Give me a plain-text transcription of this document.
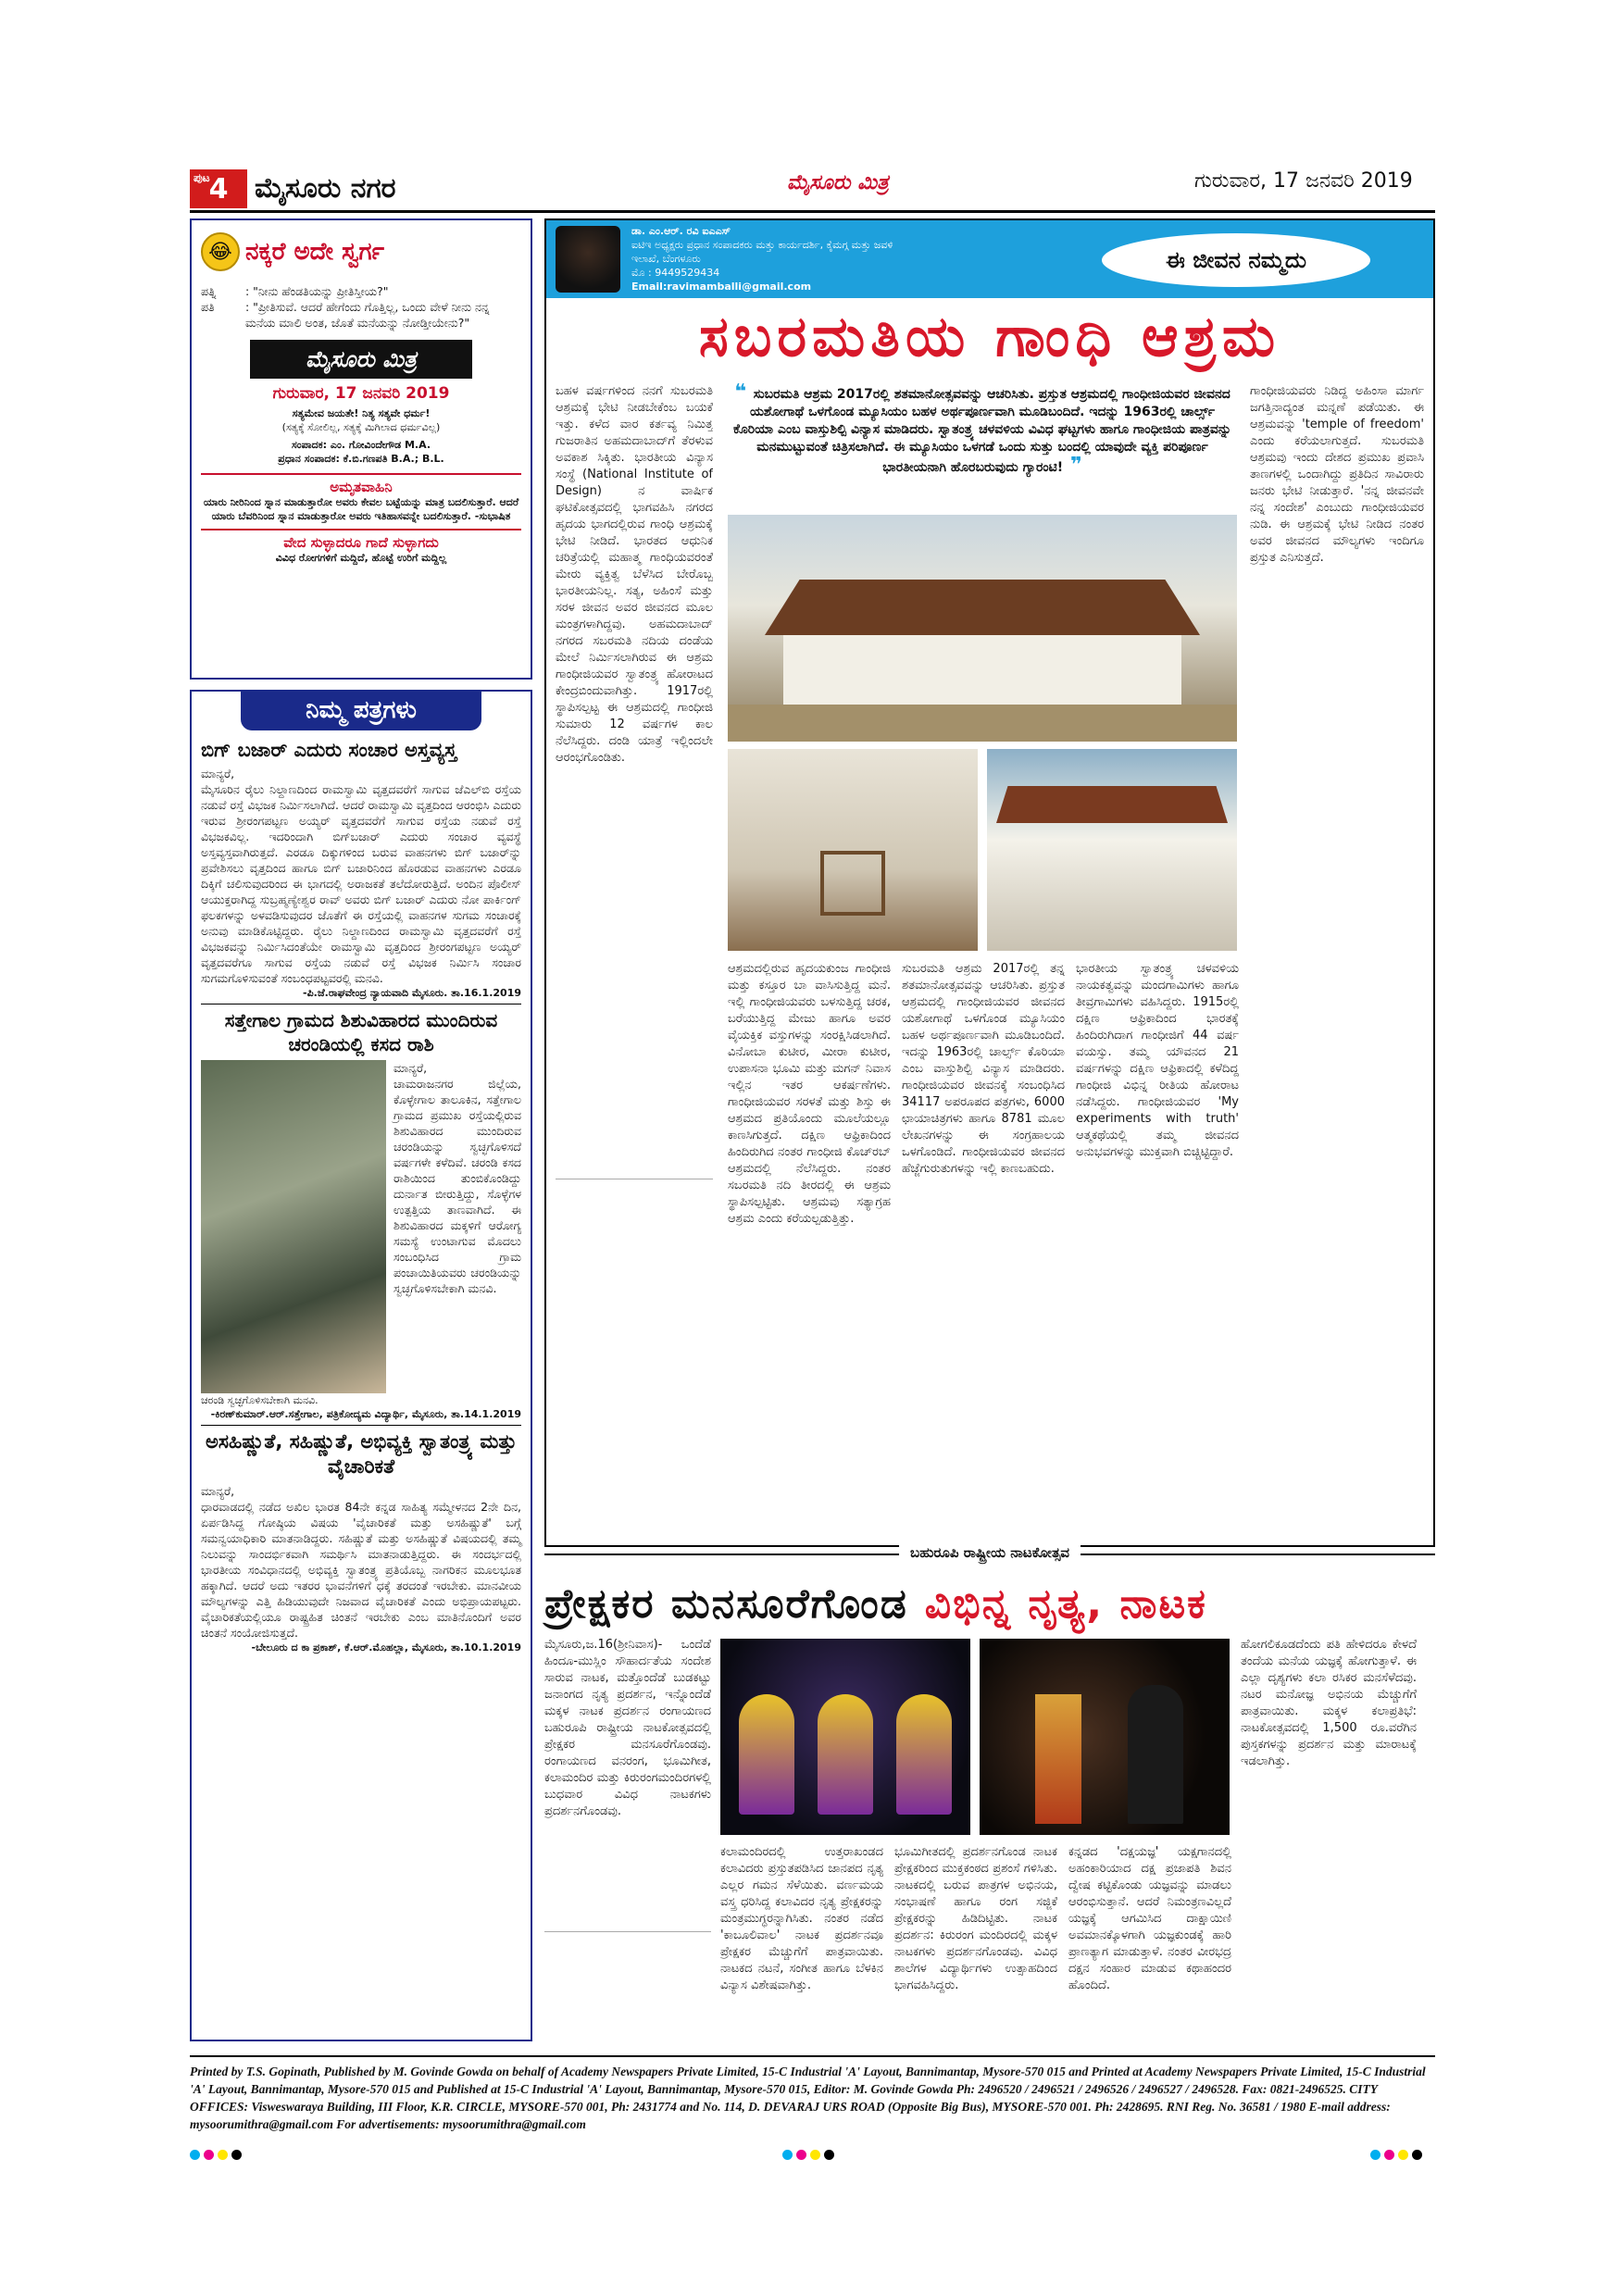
ಪುಟ
4 ಮೈಸೂರು ನಗರ	ಮೈಸೂರು ಮಿತ್ರ	ಗುರುವಾರ, 17 ಜನವರಿ 2019
😂 ನಕ್ಕರೆ ಅದೇ ಸ್ವರ್ಗ
ಪತ್ನಿ	: "ನೀನು ಹೆಂಡತಿಯನ್ನು ಪ್ರೀತಿಸ್ತೀಯ?"
ಪತಿ	: "ಪ್ರೀತಿಸುವೆ. ಆದರೆ ಹೇಗೆಂದು ಗೊತ್ತಿಲ್ಲ, ಒಂದು ವೇಳೆ ನೀನು ನನ್ನ ಮನೆಯ ಮಾಲಿ ಅಂತ, ಜೊತೆ ಮನೆಯನ್ನು ನೋಡ್ತೀಯೇನು?"
ಮೈಸೂರು ಮಿತ್ರ
ಗುರುವಾರ, 17 ಜನವರಿ 2019
ಸತ್ಯಮೇವ ಜಯತೇ! ನಿತ್ಯ ಸತ್ಯವೇ ಧರ್ಮ!
(ಸತ್ಯಕ್ಕೆ ಸೋಲಿಲ್ಲ, ಸತ್ಯಕ್ಕೆ ಮಿಗಿಲಾದ ಧರ್ಮವಿಲ್ಲ)
ಸಂಪಾದಕ: ಎಂ. ಗೋವಿಂದೇಗೌಡ M.A.
ಪ್ರಧಾನ ಸಂಪಾದಕ: ಕೆ.ಬಿ.ಗಣಪತಿ B.A.; B.L.
ಅಮೃತವಾಹಿನಿ
ಯಾರು ನೀರಿನಿಂದ ಸ್ನಾನ ಮಾಡುತ್ತಾರೋ ಅವರು ಕೇವಲ ಬಟ್ಟೆಯನ್ನು ಮಾತ್ರ ಬದಲಿಸುತ್ತಾರೆ. ಆದರೆ ಯಾರು ಬೆವರಿನಿಂದ ಸ್ನಾನ ಮಾಡುತ್ತಾರೋ ಅವರು ಇತಿಹಾಸವನ್ನೇ ಬದಲಿಸುತ್ತಾರೆ. -ಸುಭಾಷಿತ
ವೇದ ಸುಳ್ಳಾದರೂ ಗಾದೆ ಸುಳ್ಳಾಗದು
ವಿವಿಧ ರೋಗಗಳಿಗೆ ಮದ್ದಿದೆ, ಹೊಟ್ಟೆ ಉರಿಗೆ ಮದ್ದಿಲ್ಲ
ನಿಮ್ಮ ಪತ್ರಗಳು
ಬಿಗ್ ಬಜಾರ್ ಎದುರು ಸಂಚಾರ ಅಸ್ತವ್ಯಸ್ತ
ಮಾನ್ಯರೆ,
ಮೈಸೂರಿನ ರೈಲು ನಿಲ್ದಾಣದಿಂದ ರಾಮಸ್ವಾಮಿ ವೃತ್ತದವರೆಗೆ ಸಾಗುವ ಜೆಎಲ್‌ಬಿ ರಸ್ತೆಯ ನಡುವೆ ರಸ್ತೆ ವಿಭಜಕ ನಿರ್ಮಿಸಲಾಗಿದೆ. ಆದರೆ ರಾಮಸ್ವಾಮಿ ವೃತ್ತದಿಂದ ಆರಂಭಿಸಿ ಎದುರು ಇರುವ ಶ್ರೀರಂಗಪಟ್ಟಣ ಅಯ್ಯರ್ ವೃತ್ತದವರೆಗೆ ಸಾಗುವ ರಸ್ತೆಯ ನಡುವೆ ರಸ್ತೆ ವಿಭಜಕವಿಲ್ಲ. ಇದರಿಂದಾಗಿ ಬಿಗ್‌ಬಜಾರ್ ಎದುರು ಸಂಚಾರ ವ್ಯವಸ್ಥೆ ಅಸ್ತವ್ಯಸ್ತವಾಗಿರುತ್ತದೆ. ಎರಡೂ ದಿಕ್ಕುಗಳಿಂದ ಬರುವ ವಾಹನಗಳು ಬಿಗ್ ಬಜಾರ್‌ನ್ನು ಪ್ರವೇಶಿಸಲು ವೃತ್ತದಿಂದ ಹಾಗೂ ಬಿಗ್ ಬಜಾರಿನಿಂದ ಹೊರಡುವ ವಾಹನಗಳು ಎರಡೂ ದಿಕ್ಕಿಗೆ ಚಲಿಸುವುದರಿಂದ ಈ ಭಾಗದಲ್ಲಿ ಅರಾಜಕತೆ ತಲೆದೋರುತ್ತಿದೆ. ಅಂದಿನ ಪೊಲೀಸ್ ಆಯುಕ್ತರಾಗಿದ್ದ ಸುಬ್ರಹ್ಮಣ್ಯೇಶ್ವರ ರಾವ್ ಅವರು ಬಿಗ್ ಬಜಾರ್ ಎದುರು ನೋ ಪಾರ್ಕಿಂಗ್ ಫಲಕಗಳನ್ನು ಅಳವಡಿಸುವುದರ ಜೊತೆಗೆ ಈ ರಸ್ತೆಯಲ್ಲಿ ವಾಹನಗಳ ಸುಗಮ ಸಂಚಾರಕ್ಕೆ ಅನುವು ಮಾಡಿಕೊಟ್ಟಿದ್ದರು. ರೈಲು ನಿಲ್ದಾಣದಿಂದ ರಾಮಸ್ವಾಮಿ ವೃತ್ತದವರೆಗೆ ರಸ್ತೆ ವಿಭಜಕವನ್ನು ನಿರ್ಮಿಸಿದಂತೆಯೇ ರಾಮಸ್ವಾಮಿ ವೃತ್ತದಿಂದ ಶ್ರೀರಂಗಪಟ್ಟಣ ಅಯ್ಯರ್ ವೃತ್ತದವರೆಗೂ ಸಾಗುವ ರಸ್ತೆಯ ನಡುವೆ ರಸ್ತೆ ವಿಭಜಕ ನಿರ್ಮಿಸಿ ಸಂಚಾರ ಸುಗಮಗೊಳಿಸುವಂತೆ ಸಂಬಂಧಪಟ್ಟವರಲ್ಲಿ ಮನವಿ.
-ಪಿ.ಜೆ.ರಾಘವೇಂದ್ರ ನ್ಯಾಯವಾದಿ ಮೈಸೂರು. ತಾ.16.1.2019
ಸತ್ತೇಗಾಲ ಗ್ರಾಮದ ಶಿಶುವಿಹಾರದ ಮುಂದಿರುವ ಚರಂಡಿಯಲ್ಲಿ ಕಸದ ರಾಶಿ
ಮಾನ್ಯರೆ,
ಚಾಮರಾಜನಗರ ಜಿಲ್ಲೆಯ, ಕೊಳ್ಳೇಗಾಲ ತಾಲೂಕಿನ, ಸತ್ತೇಗಾಲ ಗ್ರಾಮದ ಪ್ರಮುಖ ರಸ್ತೆಯಲ್ಲಿರುವ ಶಿಶುವಿಹಾರದ ಮುಂದಿರುವ ಚರಂಡಿಯನ್ನು ಸ್ವಚ್ಛಗೊಳಿಸದೆ ವರ್ಷಗಳೇ ಕಳೆದಿವೆ. ಚರಂಡಿ ಕಸದ ರಾಶಿಯಿಂದ ತುಂಬಿಕೊಂಡಿದ್ದು ದುರ್ನಾತ ಬೀರುತ್ತಿದ್ದು, ಸೊಳ್ಳೆಗಳ ಉತ್ಪತ್ತಿಯ ತಾಣವಾಗಿದೆ. ಈ ಶಿಶುವಿಹಾರದ ಮಕ್ಕಳಿಗೆ ಆರೋಗ್ಯ ಸಮಸ್ಯೆ ಉಂಟಾಗುವ ಮೊದಲು ಸಂಬಂಧಿಸಿದ ಗ್ರಾಮ ಪಂಚಾಯಿತಿಯವರು ಚರಂಡಿಯನ್ನು ಸ್ವಚ್ಛಗೊಳಿಸಬೇಕಾಗಿ ಮನವಿ.
ಚರಂಡಿ ಸ್ವಚ್ಛಗೊಳಿಸಬೇಕಾಗಿ ಮನವಿ.
-ಕಿರಣ್‌ಕುಮಾರ್.ಆರ್.ಸತ್ತೇಗಾಲ, ಪತ್ರಿಕೋದ್ಯಮ ವಿದ್ಯಾರ್ಥಿ, ಮೈಸೂರು, ತಾ.14.1.2019
ಅಸಹಿಷ್ಣುತೆ, ಸಹಿಷ್ಣುತೆ, ಅಭಿವ್ಯಕ್ತಿ ಸ್ವಾತಂತ್ರ್ಯ ಮತ್ತು ವೈಚಾರಿಕತೆ
ಮಾನ್ಯರೆ,
ಧಾರವಾಡದಲ್ಲಿ ನಡೆದ ಅಖಿಲ ಭಾರತ 84ನೇ ಕನ್ನಡ ಸಾಹಿತ್ಯ ಸಮ್ಮೇಳನದ 2ನೇ ದಿನ, ಏರ್ಪಡಿಸಿದ್ದ ಗೋಷ್ಠಿಯ ವಿಷಯ 'ವೈಚಾರಿಕತೆ ಮತ್ತು ಅಸಹಿಷ್ಣುತೆ' ಬಗ್ಗೆ ಸಮನ್ವಯಾಧಿಕಾರಿ ಮಾತನಾಡಿದ್ದರು. ಸಹಿಷ್ಣುತೆ ಮತ್ತು ಅಸಹಿಷ್ಣುತೆ ವಿಷಯದಲ್ಲಿ ತಮ್ಮ ನಿಲುವನ್ನು ಸಾಂದರ್ಭಿಕವಾಗಿ ಸಮರ್ಥಿಸಿ ಮಾತನಾಡುತ್ತಿದ್ದರು. ಈ ಸಂದರ್ಭದಲ್ಲಿ ಭಾರತೀಯ ಸಂವಿಧಾನದಲ್ಲಿ ಅಭಿವ್ಯಕ್ತಿ ಸ್ವಾತಂತ್ರ್ಯ ಪ್ರತಿಯೊಬ್ಬ ನಾಗರಿಕನ ಮೂಲಭೂತ ಹಕ್ಕಾಗಿದೆ. ಆದರೆ ಅದು ಇತರರ ಭಾವನೆಗಳಿಗೆ ಧಕ್ಕೆ ತರದಂತೆ ಇರಬೇಕು. ಮಾನವೀಯ ಮೌಲ್ಯಗಳನ್ನು ಎತ್ತಿ ಹಿಡಿಯುವುದೇ ನಿಜವಾದ ವೈಚಾರಿಕತೆ ಎಂದು ಅಭಿಪ್ರಾಯಪಟ್ಟರು. ವೈಚಾರಿಕತೆಯಲ್ಲಿಯೂ ರಾಷ್ಟ್ರಹಿತ ಚಿಂತನೆ ಇರಬೇಕು ಎಂಬ ಮಾತಿನೊಂದಿಗೆ ಅವರ ಚಿಂತನೆ ಸಂಯೋಜಿಸುತ್ತದೆ.
-ಬೇಲೂರು ದ ಕಾ ಪ್ರಕಾಶ್, ಕೆ.ಆರ್.ಮೊಹಲ್ಲಾ, ಮೈಸೂರು, ತಾ.10.1.2019
ಡಾ. ಎಂ.ಆರ್. ರವಿ ಐಎಎಸ್
ಐಟಿಇ ಅಧ್ಯಕ್ಷರು ಪ್ರಧಾನ ಸಂಪಾದಕರು ಮತ್ತು ಕಾರ್ಯದರ್ಶಿ, ಕೈಮಗ್ಗ ಮತ್ತು ಜವಳಿ ಇಲಾಖೆ, ಬೆಂಗಳೂರು
ಮೊ : 9449529434
Email:ravimamballi@gmail.com
ಈ ಜೀವನ ನಮ್ಮದು
ಸಬರಮತಿಯ ಗಾಂಧಿ ಆಶ್ರಮ
ಬಹಳ ವರ್ಷಗಳಿಂದ ನನಗೆ ಸುಬರಮತಿ ಆಶ್ರಮಕ್ಕೆ ಭೇಟಿ ನೀಡಬೇಕೆಂಬ ಬಯಕೆ ಇತ್ತು. ಕಳೆದ ವಾರ ಕರ್ತವ್ಯ ನಿಮಿತ್ತ ಗುಜರಾತಿನ ಅಹಮದಾಬಾದ್‌ಗೆ ತೆರಳುವ ಅವಕಾಶ ಸಿಕ್ಕಿತು. ಭಾರತೀಯ ವಿನ್ಯಾಸ ಸಂಸ್ಥೆ (National Institute of Design) ನ ವಾರ್ಷಿಕ ಘಟಿಕೋತ್ಸವದಲ್ಲಿ ಭಾಗವಹಿಸಿ ನಗರದ ಹೃದಯ ಭಾಗದಲ್ಲಿರುವ ಗಾಂಧಿ ಆಶ್ರಮಕ್ಕೆ ಭೇಟಿ ನೀಡಿದೆ. ಭಾರತದ ಆಧುನಿಕ ಚರಿತ್ರೆಯಲ್ಲಿ ಮಹಾತ್ಮ ಗಾಂಧಿಯವರಂತೆ ಮೇರು ವ್ಯಕ್ತಿತ್ವ ಬೆಳೆಸಿದ ಬೇರೊಬ್ಬ ಭಾರತೀಯನಿಲ್ಲ. ಸತ್ಯ, ಅಹಿಂಸೆ ಮತ್ತು ಸರಳ ಜೀವನ ಅವರ ಜೀವನದ ಮೂಲ ಮಂತ್ರಗಳಾಗಿದ್ದವು. ಅಹಮದಾಬಾದ್ ನಗರದ ಸಬರಮತಿ ನದಿಯ ದಂಡೆಯ ಮೇಲೆ ನಿರ್ಮಿಸಲಾಗಿರುವ ಈ ಆಶ್ರಮ ಗಾಂಧೀಜಿಯವರ ಸ್ವಾತಂತ್ರ್ಯ ಹೋರಾಟದ ಕೇಂದ್ರಬಿಂದುವಾಗಿತ್ತು. 1917ರಲ್ಲಿ ಸ್ಥಾಪಿಸಲ್ಪಟ್ಟ ಈ ಆಶ್ರಮದಲ್ಲಿ ಗಾಂಧೀಜಿ ಸುಮಾರು 12 ವರ್ಷಗಳ ಕಾಲ ನೆಲೆಸಿದ್ದರು. ದಂಡಿ ಯಾತ್ರೆ ಇಲ್ಲಿಂದಲೇ ಆರಂಭಗೊಂಡಿತು.
❝ ಸುಬರಮತಿ ಆಶ್ರಮ 2017ರಲ್ಲಿ ಶತಮಾನೋತ್ಸವವನ್ನು ಆಚರಿಸಿತು. ಪ್ರಸ್ತುತ ಆಶ್ರಮದಲ್ಲಿ ಗಾಂಧೀಜಿಯವರ ಜೀವನದ ಯಶೋಗಾಥೆ ಒಳಗೊಂಡ ಮ್ಯೂಸಿಯಂ ಬಹಳ ಅರ್ಥಪೂರ್ಣವಾಗಿ ಮೂಡಿಬಂದಿದೆ. ಇದನ್ನು 1963ರಲ್ಲಿ ಚಾರ್ಲ್ಸ್ ಕೊರಿಯಾ ಎಂಬ ವಾಸ್ತುಶಿಲ್ಪಿ ವಿನ್ಯಾಸ ಮಾಡಿದರು. ಸ್ವಾತಂತ್ರ್ಯ ಚಳವಳಿಯ ವಿವಿಧ ಘಟ್ಟಗಳು ಹಾಗೂ ಗಾಂಧೀಜಿಯ ಪಾತ್ರವನ್ನು ಮನಮುಟ್ಟುವಂತೆ ಚಿತ್ರಿಸಲಾಗಿದೆ. ಈ ಮ್ಯೂಸಿಯಂ ಒಳಗಡೆ ಒಂದು ಸುತ್ತು ಬಂದಲ್ಲಿ ಯಾವುದೇ ವ್ಯಕ್ತಿ ಪರಿಪೂರ್ಣ ಭಾರತೀಯನಾಗಿ ಹೊರಬರುವುದು ಗ್ಯಾರಂಟಿ! ❞
ಗಾಂಧೀಜಿಯವರು ನಿಡಿದ್ದ ಅಹಿಂಸಾ ಮಾರ್ಗ ಜಗತ್ತಿನಾದ್ಯಂತ ಮನ್ನಣೆ ಪಡೆಯಿತು. ಈ ಆಶ್ರಮವನ್ನು 'temple of freedom' ಎಂದು ಕರೆಯಲಾಗುತ್ತದೆ. ಸುಬರಮತಿ ಆಶ್ರಮವು ಇಂದು ದೇಶದ ಪ್ರಮುಖ ಪ್ರವಾಸಿ ತಾಣಗಳಲ್ಲಿ ಒಂದಾಗಿದ್ದು ಪ್ರತಿದಿನ ಸಾವಿರಾರು ಜನರು ಭೇಟಿ ನೀಡುತ್ತಾರೆ. 'ನನ್ನ ಜೀವನವೇ ನನ್ನ ಸಂದೇಶ' ಎಂಬುದು ಗಾಂಧೀಜಿಯವರ ನುಡಿ. ಈ ಆಶ್ರಮಕ್ಕೆ ಭೇಟಿ ನೀಡಿದ ನಂತರ ಅವರ ಜೀವನದ ಮೌಲ್ಯಗಳು ಇಂದಿಗೂ ಪ್ರಸ್ತುತ ಎನಿಸುತ್ತದೆ.
ಆಶ್ರಮದಲ್ಲಿರುವ ಹೃದಯಕುಂಜ ಗಾಂಧೀಜಿ ಮತ್ತು ಕಸ್ತೂರ ಬಾ ವಾಸಿಸುತ್ತಿದ್ದ ಮನೆ. ಇಲ್ಲಿ ಗಾಂಧೀಜಿಯವರು ಬಳಸುತ್ತಿದ್ದ ಚರಕ, ಬರೆಯುತ್ತಿದ್ದ ಮೇಜು ಹಾಗೂ ಅವರ ವೈಯಕ್ತಿಕ ವಸ್ತುಗಳನ್ನು ಸಂರಕ್ಷಿಸಿಡಲಾಗಿದೆ. ವಿನೋಬಾ ಕುಟೀರ, ಮೀರಾ ಕುಟೀರ, ಉಪಾಸನಾ ಭೂಮಿ ಮತ್ತು ಮಗನ್ ನಿವಾಸ ಇಲ್ಲಿನ ಇತರ ಆಕರ್ಷಣೆಗಳು. ಗಾಂಧೀಜಿಯವರ ಸರಳತೆ ಮತ್ತು ಶಿಸ್ತು ಈ ಆಶ್ರಮದ ಪ್ರತಿಯೊಂದು ಮೂಲೆಯಲ್ಲೂ ಕಾಣಸಿಗುತ್ತದೆ. ದಕ್ಷಿಣ ಆಫ್ರಿಕಾದಿಂದ ಹಿಂದಿರುಗಿದ ನಂತರ ಗಾಂಧೀಜಿ ಕೊಚ್‌ರಬ್ ಆಶ್ರಮದಲ್ಲಿ ನೆಲೆಸಿದ್ದರು. ನಂತರ ಸಬರಮತಿ ನದಿ ತೀರದಲ್ಲಿ ಈ ಆಶ್ರಮ ಸ್ಥಾಪಿಸಲ್ಪಟ್ಟಿತು. ಆಶ್ರಮವು ಸತ್ಯಾಗ್ರಹ ಆಶ್ರಮ ಎಂದು ಕರೆಯಲ್ಪಡುತ್ತಿತ್ತು.
ಸುಬರಮತಿ ಆಶ್ರಮ 2017ರಲ್ಲಿ ತನ್ನ ಶತಮಾನೋತ್ಸವವನ್ನು ಆಚರಿಸಿತು. ಪ್ರಸ್ತುತ ಆಶ್ರಮದಲ್ಲಿ ಗಾಂಧೀಜಿಯವರ ಜೀವನದ ಯಶೋಗಾಥೆ ಒಳಗೊಂಡ ಮ್ಯೂಸಿಯಂ ಬಹಳ ಅರ್ಥಪೂರ್ಣವಾಗಿ ಮೂಡಿಬಂದಿದೆ. ಇದನ್ನು 1963ರಲ್ಲಿ ಚಾರ್ಲ್ಸ್ ಕೊರಿಯಾ ಎಂಬ ವಾಸ್ತುಶಿಲ್ಪಿ ವಿನ್ಯಾಸ ಮಾಡಿದರು. ಗಾಂಧೀಜಿಯವರ ಜೀವನಕ್ಕೆ ಸಂಬಂಧಿಸಿದ 34117 ಅಪರೂಪದ ಪತ್ರಗಳು, 6000 ಛಾಯಾಚಿತ್ರಗಳು ಹಾಗೂ 8781 ಮೂಲ ಲೇಖನಗಳನ್ನು ಈ ಸಂಗ್ರಹಾಲಯ ಒಳಗೊಂಡಿದೆ. ಗಾಂಧೀಜಿಯವರ ಜೀವನದ ಹೆಜ್ಜೆಗುರುತುಗಳನ್ನು ಇಲ್ಲಿ ಕಾಣಬಹುದು.
ಭಾರತೀಯ ಸ್ವಾತಂತ್ರ್ಯ ಚಳವಳಿಯ ನಾಯಕತ್ವವನ್ನು ಮಂದಗಾಮಿಗಳು ಹಾಗೂ ತೀವ್ರಗಾಮಿಗಳು ವಹಿಸಿದ್ದರು. 1915ರಲ್ಲಿ ದಕ್ಷಿಣ ಆಫ್ರಿಕಾದಿಂದ ಭಾರತಕ್ಕೆ ಹಿಂದಿರುಗಿದಾಗ ಗಾಂಧೀಜಿಗೆ 44 ವರ್ಷ ವಯಸ್ಸು. ತಮ್ಮ ಯೌವನದ 21 ವರ್ಷಗಳನ್ನು ದಕ್ಷಿಣ ಆಫ್ರಿಕಾದಲ್ಲಿ ಕಳೆದಿದ್ದ ಗಾಂಧೀಜಿ ವಿಭಿನ್ನ ರೀತಿಯ ಹೋರಾಟ ನಡೆಸಿದ್ದರು. ಗಾಂಧೀಜಿಯವರ 'My experiments with truth' ಆತ್ಮಕಥೆಯಲ್ಲಿ ತಮ್ಮ ಜೀವನದ ಅನುಭವಗಳನ್ನು ಮುಕ್ತವಾಗಿ ಬಿಚ್ಚಿಟ್ಟಿದ್ದಾರೆ.
ಬಹುರೂಪಿ ರಾಷ್ಟ್ರೀಯ ನಾಟಕೋತ್ಸವ
ಪ್ರೇಕ್ಷಕರ ಮನಸೂರೆಗೊಂಡ ವಿಭಿನ್ನ ನೃತ್ಯ, ನಾಟಕ
ಮೈಸೂರು,ಜ.16(ಶ್ರೀನಿವಾಸ)- ಒಂದೆಡೆ ಹಿಂದೂ-ಮುಸ್ಲಿಂ ಸೌಹಾರ್ದತೆಯ ಸಂದೇಶ ಸಾರುವ ನಾಟಕ, ಮತ್ತೊಂದೆಡೆ ಬುಡಕಟ್ಟು ಜನಾಂಗದ ನೃತ್ಯ ಪ್ರದರ್ಶನ, ಇನ್ನೊಂದೆಡೆ ಮಕ್ಕಳ ನಾಟಕ ಪ್ರದರ್ಶನ ರಂಗಾಯಣದ ಬಹುರೂಪಿ ರಾಷ್ಟ್ರೀಯ ನಾಟಕೋತ್ಸವದಲ್ಲಿ ಪ್ರೇಕ್ಷಕರ ಮನಸೂರೆಗೊಂಡವು. ರಂಗಾಯಣದ ವನರಂಗ, ಭೂಮಿಗೀತ, ಕಲಾಮಂದಿರ ಮತ್ತು ಕಿರುರಂಗಮಂದಿರಗಳಲ್ಲಿ ಬುಧವಾರ ವಿವಿಧ ನಾಟಕಗಳು ಪ್ರದರ್ಶನಗೊಂಡವು.
ಹೋಗಲಿಕೂಡದೆಂದು ಪತಿ ಹೇಳಿದರೂ ಕೇಳದೆ ತಂದೆಯ ಮನೆಯ ಯಜ್ಞಕ್ಕೆ ಹೋಗುತ್ತಾಳೆ. ಈ ಎಲ್ಲಾ ದೃಶ್ಯಗಳು ಕಲಾ ರಸಿಕರ ಮನಸೆಳೆದವು. ನಟರ ಮನೋಜ್ಞ ಅಭಿನಯ ಮೆಚ್ಚುಗೆಗೆ ಪಾತ್ರವಾಯಿತು. ಮಕ್ಕಳ ಕಲಾಪ್ರತಿಭೆ: ನಾಟಕೋತ್ಸವದಲ್ಲಿ 1,500 ರೂ.ವರೆಗಿನ ಪುಸ್ತಕಗಳನ್ನು ಪ್ರದರ್ಶನ ಮತ್ತು ಮಾರಾಟಕ್ಕೆ ಇಡಲಾಗಿತ್ತು.
ಕಲಾಮಂದಿರದಲ್ಲಿ ಉತ್ತರಾಖಂಡದ ಕಲಾವಿದರು ಪ್ರಸ್ತುತಪಡಿಸಿದ ಜಾನಪದ ನೃತ್ಯ ಎಲ್ಲರ ಗಮನ ಸೆಳೆಯಿತು. ವರ್ಣಮಯ ವಸ್ತ್ರ ಧರಿಸಿದ್ದ ಕಲಾವಿದರ ನೃತ್ಯ ಪ್ರೇಕ್ಷಕರನ್ನು ಮಂತ್ರಮುಗ್ಧರನ್ನಾಗಿಸಿತು. ನಂತರ ನಡೆದ 'ಕಾಬೂಲಿವಾಲ' ನಾಟಕ ಪ್ರದರ್ಶನವೂ ಪ್ರೇಕ್ಷಕರ ಮೆಚ್ಚುಗೆಗೆ ಪಾತ್ರವಾಯಿತು. ನಾಟಕದ ನಟನೆ, ಸಂಗೀತ ಹಾಗೂ ಬೆಳಕಿನ ವಿನ್ಯಾಸ ವಿಶೇಷವಾಗಿತ್ತು.
ಭೂಮಿಗೀತದಲ್ಲಿ ಪ್ರದರ್ಶನಗೊಂಡ ನಾಟಕ ಪ್ರೇಕ್ಷಕರಿಂದ ಮುಕ್ತಕಂಠದ ಪ್ರಶಂಸೆ ಗಳಿಸಿತು. ನಾಟಕದಲ್ಲಿ ಬರುವ ಪಾತ್ರಗಳ ಅಭಿನಯ, ಸಂಭಾಷಣೆ ಹಾಗೂ ರಂಗ ಸಜ್ಜಿಕೆ ಪ್ರೇಕ್ಷಕರನ್ನು ಹಿಡಿದಿಟ್ಟಿತು. ನಾಟಕ ಪ್ರದರ್ಶನ: ಕಿರುರಂಗ ಮಂದಿರದಲ್ಲಿ ಮಕ್ಕಳ ನಾಟಕಗಳು ಪ್ರದರ್ಶನಗೊಂಡವು. ವಿವಿಧ ಶಾಲೆಗಳ ವಿದ್ಯಾರ್ಥಿಗಳು ಉತ್ಸಾಹದಿಂದ ಭಾಗವಹಿಸಿದ್ದರು.
ಕನ್ನಡದ 'ದಕ್ಷಯಜ್ಞ' ಯಕ್ಷಗಾನದಲ್ಲಿ ಅಹಂಕಾರಿಯಾದ ದಕ್ಷ ಪ್ರಜಾಪತಿ ಶಿವನ ದ್ವೇಷ ಕಟ್ಟಿಕೊಂಡು ಯಜ್ಞವನ್ನು ಮಾಡಲು ಆರಂಭಿಸುತ್ತಾನೆ. ಆದರೆ ನಿಮಂತ್ರಣವಿಲ್ಲದೆ ಯಜ್ಞಕ್ಕೆ ಆಗಮಿಸಿದ ದಾಕ್ಷಾಯಿಣಿ ಅವಮಾನಕ್ಕೊಳಗಾಗಿ ಯಜ್ಞಕುಂಡಕ್ಕೆ ಹಾರಿ ಪ್ರಾಣತ್ಯಾಗ ಮಾಡುತ್ತಾಳೆ. ನಂತರ ವೀರಭದ್ರ ದಕ್ಷನ ಸಂಹಾರ ಮಾಡುವ ಕಥಾಹಂದರ ಹೊಂದಿದೆ.
Printed by T.S. Gopinath, Published by M. Govinde Gowda on behalf of Academy Newspapers Private Limited, 15-C Industrial 'A' Layout, Bannimantap, Mysore-570 015 and Printed at Academy Newspapers Private Limited, 15-C Industrial 'A' Layout, Bannimantap, Mysore-570 015 and Published at 15-C Industrial 'A' Layout, Bannimantap, Mysore-570 015, Editor: M. Govinde Gowda Ph: 2496520 / 2496521 / 2496526 / 2496527 / 2496528. Fax: 0821-2496525. CITY OFFICES: Visweswaraya Building, III Floor, K.R. CIRCLE, MYSORE-570 001, Ph: 2431774 and No. 114, D. DEVARAJ URS ROAD (Opposite Big Bus), MYSORE-570 001. Ph: 2428695. RNI Reg. No. 36581 / 1980 E-mail address: mysoorumithra@gmail.com For advertisements: mysoorumithra@gmail.com
